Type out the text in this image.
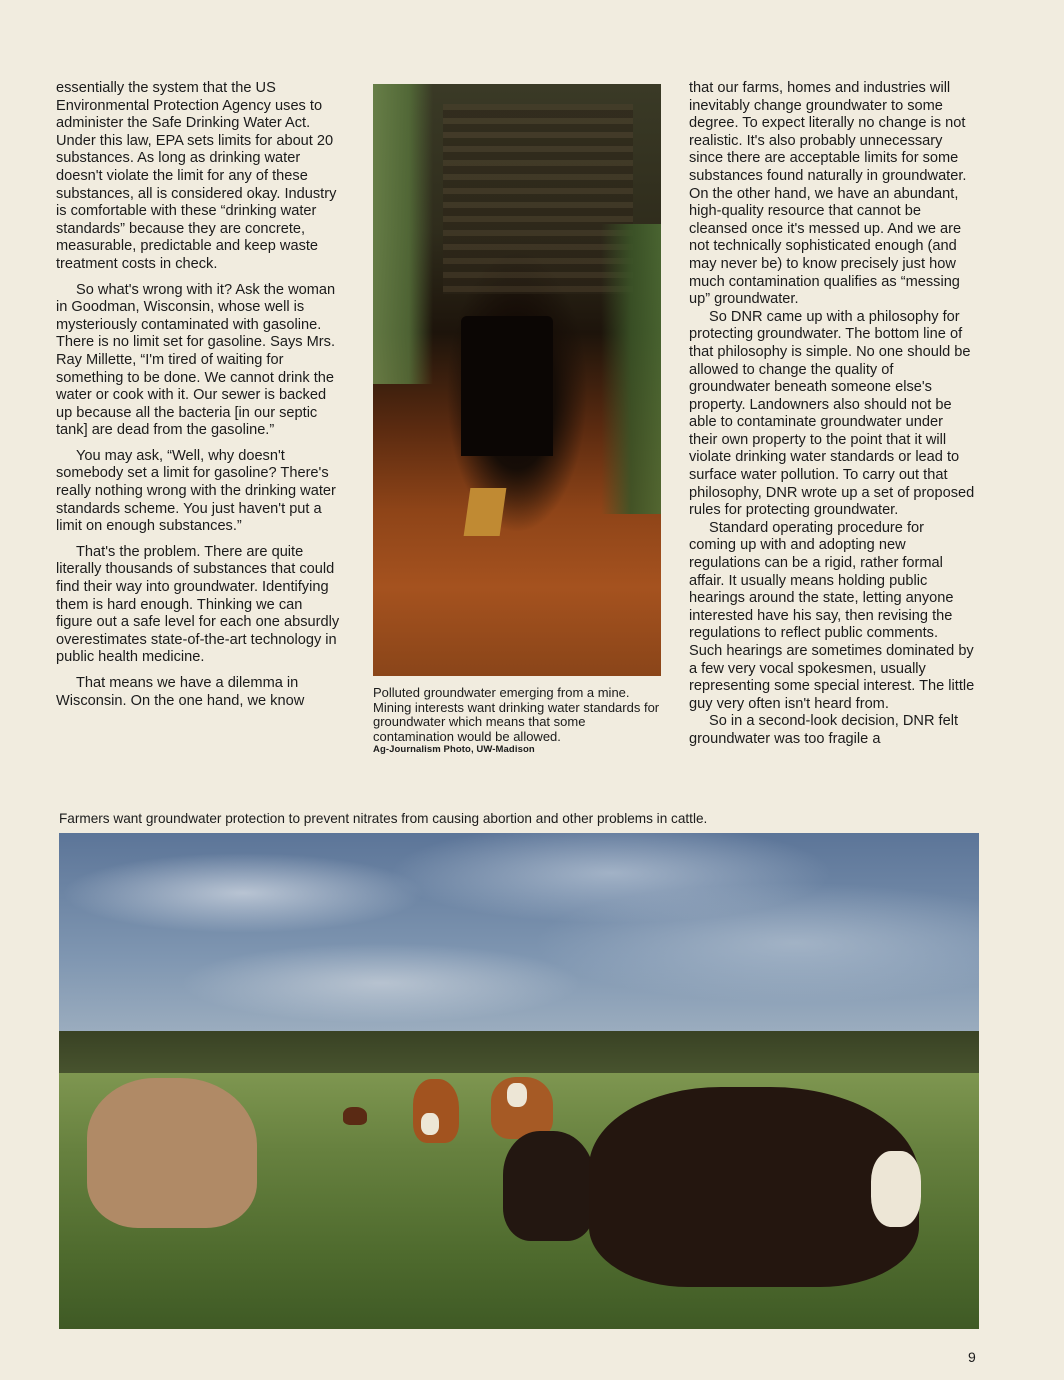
essentially the system that the US Environmental Protection Agency uses to administer the Safe Drinking Water Act. Under this law, EPA sets limits for about 20 substances. As long as drinking water doesn't violate the limit for any of these substances, all is considered okay. Industry is comfortable with these “drinking water standards” because they are concrete, measurable, predictable and keep waste treatment costs in check.

So what's wrong with it? Ask the woman in Goodman, Wisconsin, whose well is mysteriously contaminated with gasoline. There is no limit set for gasoline. Says Mrs. Ray Millette, “I'm tired of waiting for something to be done. We cannot drink the water or cook with it. Our sewer is backed up because all the bacteria [in our septic tank] are dead from the gasoline.”

You may ask, “Well, why doesn't somebody set a limit for gasoline? There's really nothing wrong with the drinking water standards scheme. You just haven't put a limit on enough substances.”

That's the problem. There are quite literally thousands of substances that could find their way into groundwater. Identifying them is hard enough. Thinking we can figure out a safe level for each one absurdly overestimates state-of-the-art technology in public health medicine.

That means we have a dilemma in Wisconsin. On the one hand, we know

Polluted groundwater emerging from a mine. Mining interests want drinking water standards for groundwater which means that some contamination would be allowed.
Ag-Journalism Photo, UW-Madison

that our farms, homes and industries will inevitably change groundwater to some degree. To expect literally no change is not realistic. It's also probably unnecessary since there are acceptable limits for some substances found naturally in groundwater. On the other hand, we have an abundant, high-quality resource that cannot be cleansed once it's messed up. And we are not technically sophisticated enough (and may never be) to know precisely just how much contamination qualifies as “messing up” groundwater.

So DNR came up with a philosophy for protecting groundwater. The bottom line of that philosophy is simple. No one should be allowed to change the quality of groundwater beneath someone else's property. Landowners also should not be able to contaminate groundwater under their own property to the point that it will violate drinking water standards or lead to surface water pollution. To carry out that philosophy, DNR wrote up a set of proposed rules for protecting groundwater.

Standard operating procedure for coming up with and adopting new regulations can be a rigid, rather formal affair. It usually means holding public hearings around the state, letting anyone interested have his say, then revising the regulations to reflect public comments. Such hearings are sometimes dominated by a few very vocal spokesmen, usually representing some special interest. The little guy very often isn't heard from.

So in a second-look decision, DNR felt groundwater was too fragile a

Farmers want groundwater protection to prevent nitrates from causing abortion and other problems in cattle.
9
